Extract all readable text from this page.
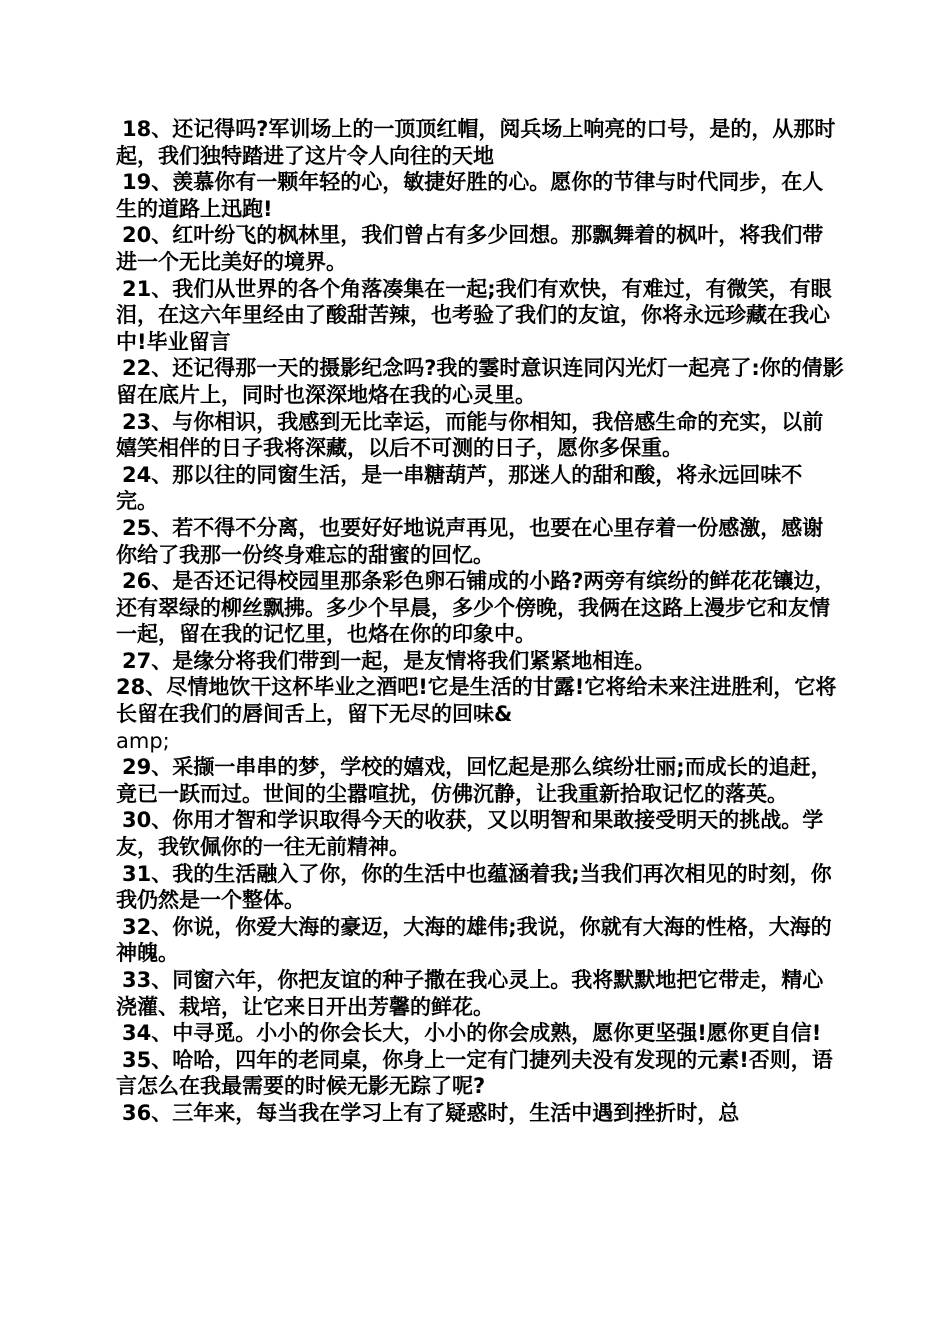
18、还记得吗?军训场上的一顶顶红帽，阅兵场上响亮的口号，是的，从那时起，我们独特踏进了这片令人向往的天地

19、羡慕你有一颗年轻的心，敏捷好胜的心。愿你的节律与时代同步，在人生的道路上迅跑!

20、红叶纷飞的枫林里，我们曾占有多少回想。那飘舞着的枫叶，将我们带进一个无比美好的境界。

21、我们从世界的各个角落凑集在一起;我们有欢快，有难过，有微笑，有眼泪，在这六年里经由了酸甜苦辣，也考验了我们的友谊，你将永远珍藏在我心中!毕业留言

22、还记得那一天的摄影纪念吗?我的霎时意识连同闪光灯一起亮了:你的倩影留在底片上，同时也深深地烙在我的心灵里。

23、与你相识，我感到无比幸运，而能与你相知，我倍感生命的充实，以前嬉笑相伴的日子我将深藏，以后不可测的日子，愿你多保重。

24、那以往的同窗生活，是一串糖葫芦，那迷人的甜和酸，将永远回味不完。

25、若不得不分离，也要好好地说声再见，也要在心里存着一份感激，感谢你给了我那一份终身难忘的甜蜜的回忆。

26、是否还记得校园里那条彩色卵石铺成的小路?两旁有缤纷的鲜花花镶边，还有翠绿的柳丝飘拂。多少个早晨，多少个傍晚，我俩在这路上漫步它和友情一起，留在我的记忆里，也烙在你的印象中。

27、是缘分将我们带到一起，是友情将我们紧紧地相连。

28、尽情地饮干这杯毕业之酒吧!它是生活的甘露!它将给未来注进胜利，它将长留在我们的唇间舌上，留下无尽的回味&

amp;

29、采撷一串串的梦，学校的嬉戏，回忆起是那么缤纷壮丽;而成长的追赶，竟已一跃而过。世间的尘嚣喧扰，仿佛沉静，让我重新拾取记忆的落英。

30、你用才智和学识取得今天的收获，又以明智和果敢接受明天的挑战。学友，我钦佩你的一往无前精神。

31、我的生活融入了你，你的生活中也蕴涵着我;当我们再次相见的时刻，你我仍然是一个整体。

32、你说，你爱大海的豪迈，大海的雄伟;我说，你就有大海的性格，大海的神魄。

33、同窗六年，你把友谊的种子撒在我心灵上。我将默默地把它带走，精心浇灌、栽培，让它来日开出芳馨的鲜花。

34、中寻觅。小小的你会长大，小小的你会成熟，愿你更坚强!愿你更自信!

35、哈哈，四年的老同桌，你身上一定有门捷列夫没有发现的元素!否则，语言怎么在我最需要的时候无影无踪了呢?

36、三年来，每当我在学习上有了疑惑时，生活中遇到挫折时，总
